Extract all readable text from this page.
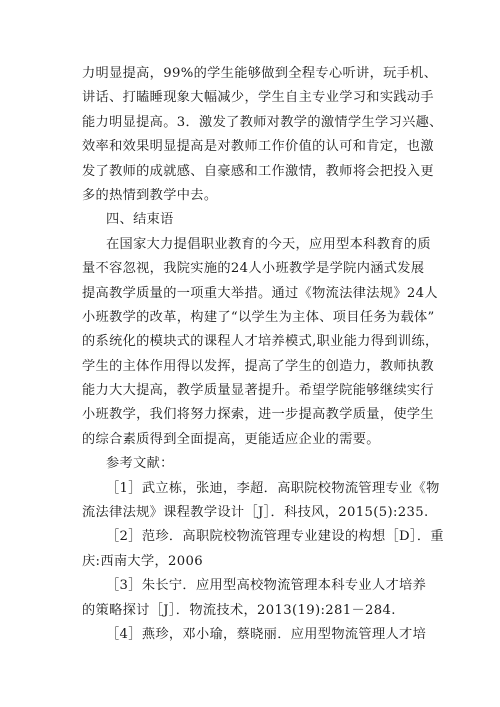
力明显提高，99%的学生能够做到全程专心听讲，玩手机、
讲话、打瞌睡现象大幅减少，学生自主专业学习和实践动手
能力明显提高。3．激发了教师对教学的激情学生学习兴趣、
效率和效果明显提高是对教师工作价值的认可和肯定，也激
发了教师的成就感、自豪感和工作激情，教师将会把投入更
多的热情到教学中去。
四、结束语
在国家大力提倡职业教育的今天，应用型本科教育的质
量不容忽视，我院实施的24人小班教学是学院内涵式发展
提高教学质量的一项重大举措。通过《物流法律法规》24人
小班教学的改革，构建了“以学生为主体、项目任务为载体”
的系统化的模块式的课程人才培养模式,职业能力得到训练，
学生的主体作用得以发挥，提高了学生的创造力，教师执教
能力大大提高，教学质量显著提升。希望学院能够继续实行
小班教学，我们将努力探索，进一步提高教学质量，使学生
的综合素质得到全面提高，更能适应企业的需要。
参考文献：
［1］武立栋，张迪，李超．高职院校物流管理专业《物
流法律法规》课程教学设计［J］．科技风，2015(5):235.
［2］范珍．高职院校物流管理专业建设的构想［D］．重
庆:西南大学，2006
［3］朱长宁．应用型高校物流管理本科专业人才培养
的策略探讨［J］．物流技术，2013(19):281－284.
［4］燕珍，邓小瑜，蔡晓丽．应用型物流管理人才培
